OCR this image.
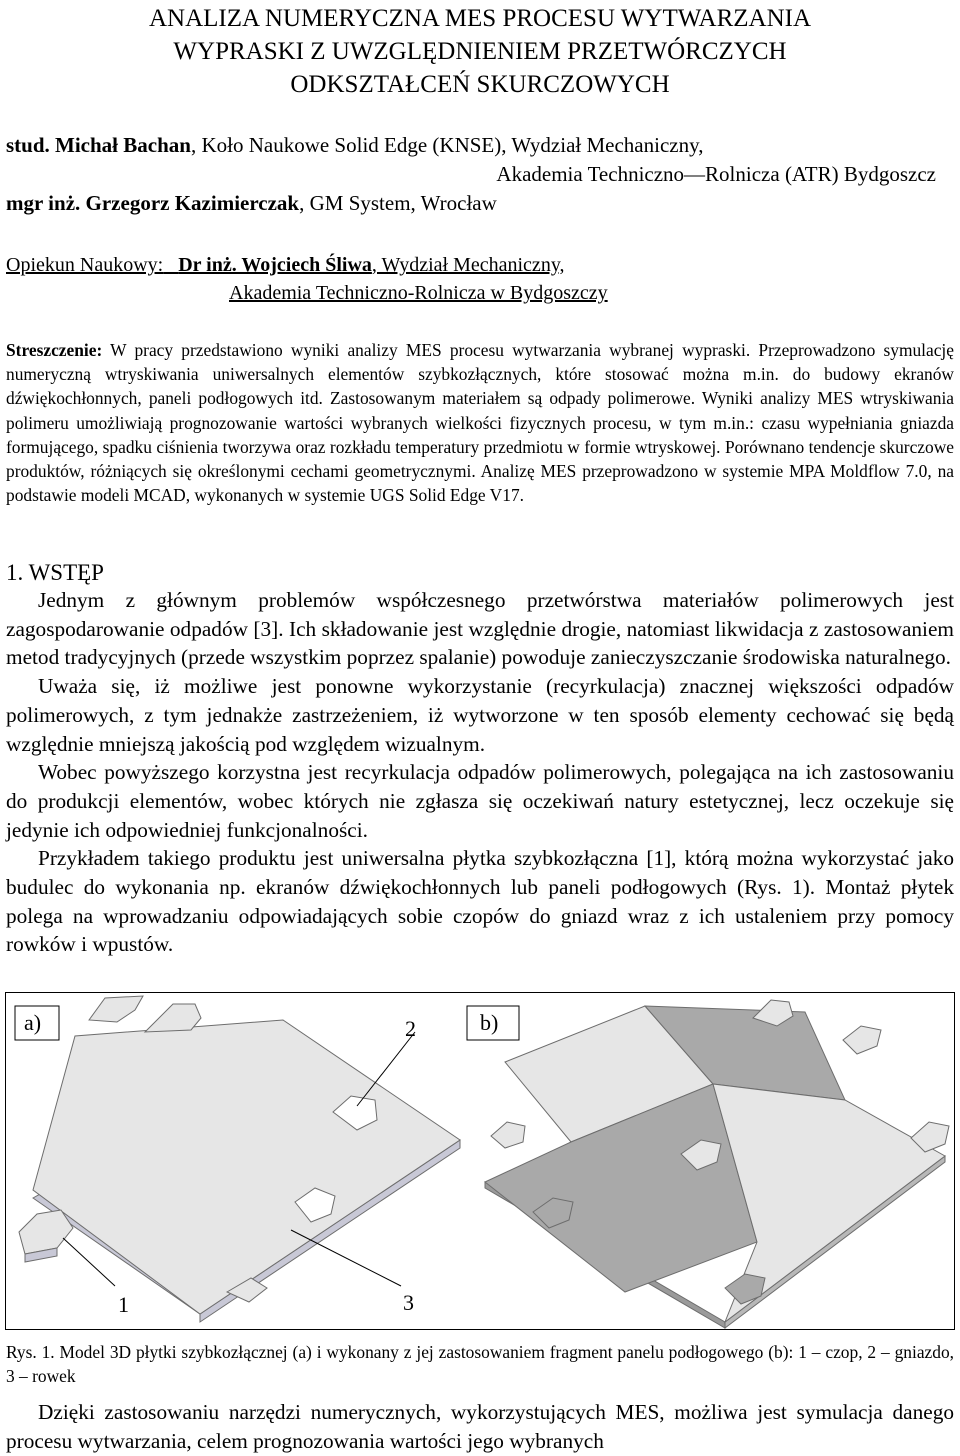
ANALIZA NUMERYCZNA MES PROCESU WYTWARZANIA
WYPRASKI Z UWZGLĘDNIENIEM PRZETWÓRCZYCH
ODKSZTAŁCEŃ SKURCZOWYCH
stud. Michał Bachan, Koło Naukowe Solid Edge (KNSE), Wydział Mechaniczny,
Akademia Techniczno—Rolnicza (ATR) Bydgoszcz
mgr inż. Grzegorz Kazimierczak, GM System, Wrocław
Opiekun Naukowy: Dr inż. Wojciech Śliwa, Wydział Mechaniczny,
Akademia Techniczno-Rolnicza w Bydgoszczy
Streszczenie: W pracy przedstawiono wyniki analizy MES procesu wytwarzania wybranej wypraski. Przeprowadzono symulację numeryczną wtryskiwania uniwersalnych elementów szybkozłącznych, które stosować można m.in. do budowy ekranów dźwiękochłonnych, paneli podłogowych itd. Zastosowanym materiałem są odpady polimerowe. Wyniki analizy MES wtryskiwania polimeru umożliwiają prognozowanie wartości wybranych wielkości fizycznych procesu, w tym m.in.: czasu wypełniania gniazda formującego, spadku ciśnienia tworzywa oraz rozkładu temperatury przedmiotu w formie wtryskowej. Porównano tendencje skurczowe produktów, różniących się określonymi cechami geometrycznymi. Analizę MES przeprowadzono w systemie MPA Moldflow 7.0, na podstawie modeli MCAD, wykonanych w systemie UGS Solid Edge V17.
1. WSTĘP

Jednym z głównym problemów współczesnego przetwórstwa materiałów polimerowych jest zagospodarowanie odpadów [3]. Ich składowanie jest względnie drogie, natomiast likwidacja z zastosowaniem metod tradycyjnych (przede wszystkim poprzez spalanie) powoduje zanieczyszczanie środowiska naturalnego.

Uważa się, iż możliwe jest ponowne wykorzystanie (recyrkulacja) znacznej większości odpadów polimerowych, z tym jednakże zastrzeżeniem, iż wytworzone w ten sposób elementy cechować się będą względnie mniejszą jakością pod względem wizualnym.

Wobec powyższego korzystna jest recyrkulacja odpadów polimerowych, polegająca na ich zastosowaniu do produkcji elementów, wobec których nie zgłasza się oczekiwań natury estetycznej, lecz oczekuje się jedynie ich odpowiedniej funkcjonalności.

Przykładem takiego produktu jest uniwersalna płytka szybkozłączna [1], którą można wykorzystać jako budulec do wykonania np. ekranów dźwiękochłonnych lub paneli podłogowych (Rys. 1). Montaż płytek polega na wprowadzaniu odpowiadających sobie czopów do gniazd wraz z ich ustaleniem przy pomocy rowków i wpustów.

a)	2
1	3
b)
Rys. 1. Model 3D płytki szybkozłącznej (a) i wykonany z jej zastosowaniem fragment panelu podłogowego (b): 1 – czop, 2 – gniazdo, 3 – rowek

Dzięki zastosowaniu narzędzi numerycznych, wykorzystujących MES, możliwa jest symulacja danego procesu wytwarzania, celem prognozowania wartości jego wybranych
